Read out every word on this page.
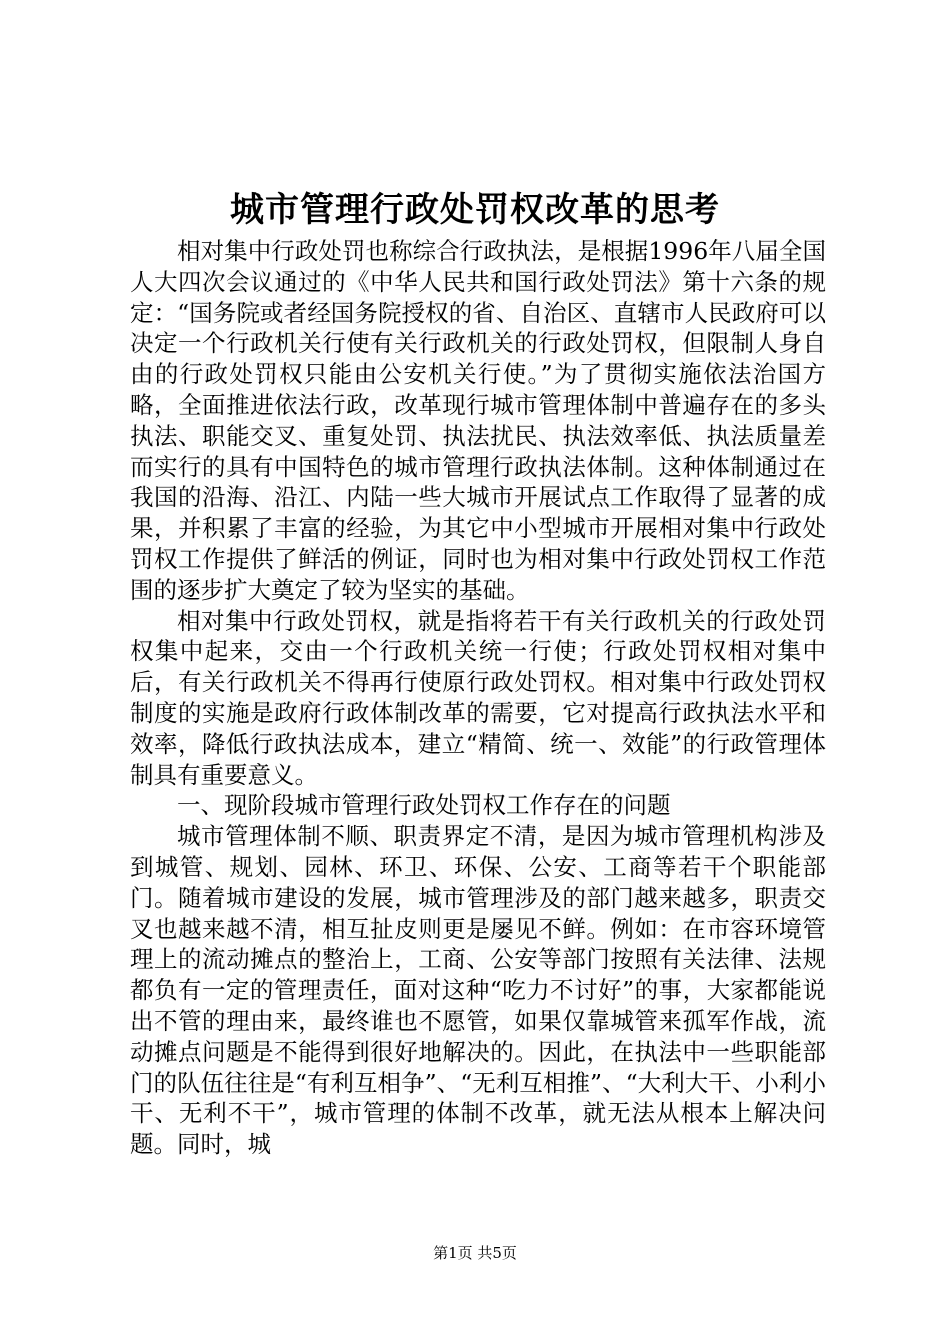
城市管理行政处罚权改革的思考

相对集中行政处罚也称综合行政执法，是根据1996年八届全国人大四次会议通过的《中华人民共和国行政处罚法》第十六条的规定：“国务院或者经国务院授权的省、自治区、直辖市人民政府可以决定一个行政机关行使有关行政机关的行政处罚权，但限制人身自由的行政处罚权只能由公安机关行使。”为了贯彻实施依法治国方略，全面推进依法行政，改革现行城市管理体制中普遍存在的多头执法、职能交叉、重复处罚、执法扰民、执法效率低、执法质量差而实行的具有中国特色的城市管理行政执法体制。这种体制通过在我国的沿海、沿江、内陆一些大城市开展试点工作取得了显著的成果，并积累了丰富的经验，为其它中小型城市开展相对集中行政处罚权工作提供了鲜活的例证，同时也为相对集中行政处罚权工作范围的逐步扩大奠定了较为坚实的基础。

相对集中行政处罚权，就是指将若干有关行政机关的行政处罚权集中起来，交由一个行政机关统一行使；行政处罚权相对集中后，有关行政机关不得再行使原行政处罚权。相对集中行政处罚权制度的实施是政府行政体制改革的需要，它对提高行政执法水平和效率，降低行政执法成本，建立“精简、统一、效能”的行政管理体制具有重要意义。

一、现阶段城市管理行政处罚权工作存在的问题

城市管理体制不顺、职责界定不清，是因为城市管理机构涉及到城管、规划、园林、环卫、环保、公安、工商等若干个职能部门。随着城市建设的发展，城市管理涉及的部门越来越多，职责交叉也越来越不清，相互扯皮则更是屡见不鲜。例如：在市容环境管理上的流动摊点的整治上，工商、公安等部门按照有关法律、法规都负有一定的管理责任，面对这种“吃力不讨好”的事，大家都能说出不管的理由来，最终谁也不愿管，如果仅靠城管来孤军作战，流动摊点问题是不能得到很好地解决的。因此，在执法中一些职能部门的队伍往往是“有利互相争”、“无利互相推”、“大利大干、小利小干、无利不干”，城市管理的体制不改革，就无法从根本上解决问题。同时，城

第1页 共5页
